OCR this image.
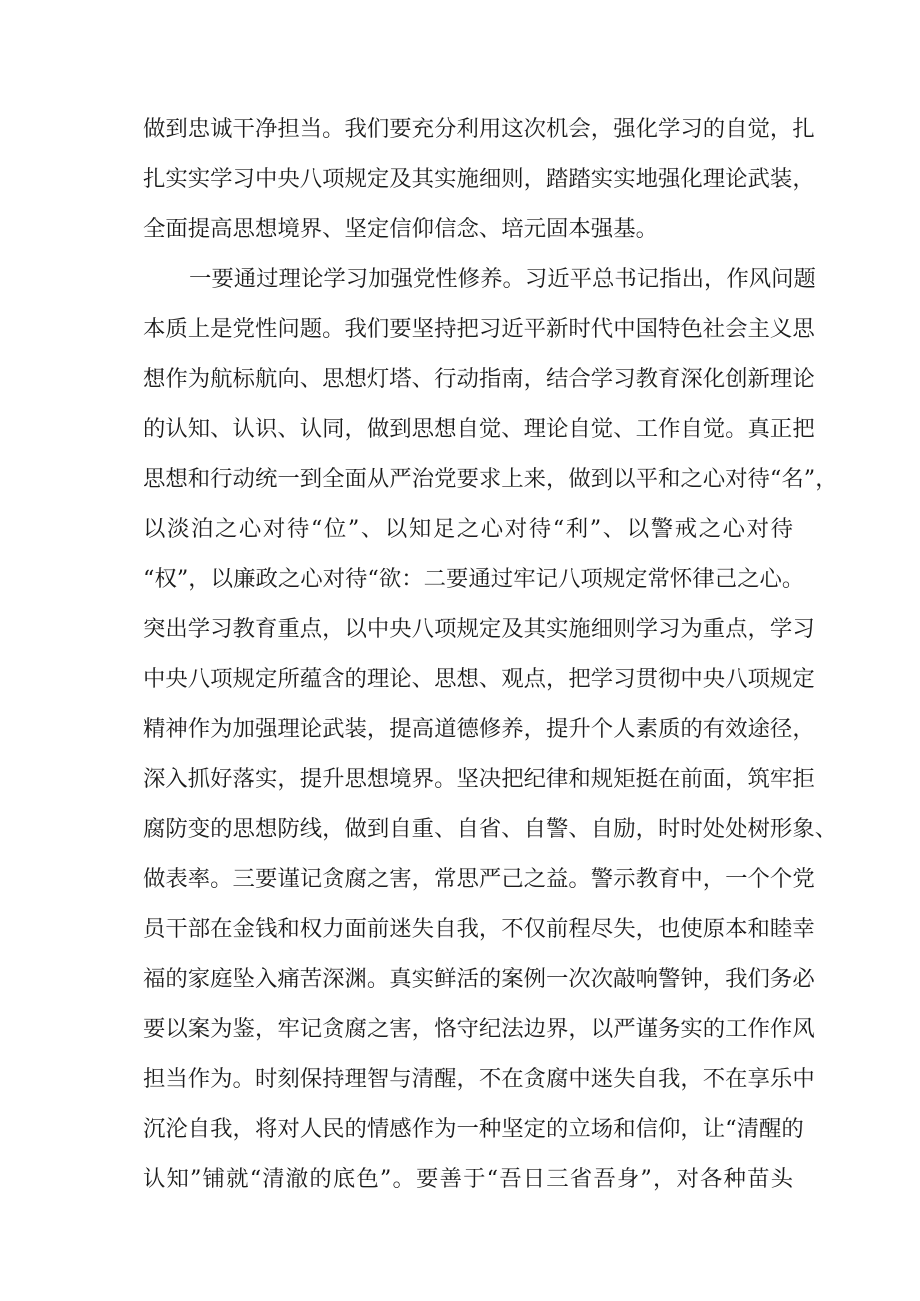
做到忠诚干净担当。我们要充分利用这次机会，强化学习的自觉，扎
扎实实学习中央八项规定及其实施细则，踏踏实实地强化理论武装，
全面提高思想境界、坚定信仰信念、培元固本强基。
一要通过理论学习加强党性修养。习近平总书记指出，作风问题
本质上是党性问题。我们要坚持把习近平新时代中国特色社会主义思
想作为航标航向、思想灯塔、行动指南，结合学习教育深化创新理论
的认知、认识、认同，做到思想自觉、理论自觉、工作自觉。真正把
思想和行动统一到全面从严治党要求上来，做到以平和之心对待“名”，
以淡泊之心对待“位”、以知足之心对待“利”、以警戒之心对待
“权”，以廉政之心对待“欲：二要通过牢记八项规定常怀律己之心。
突出学习教育重点，以中央八项规定及其实施细则学习为重点，学习
中央八项规定所蕴含的理论、思想、观点，把学习贯彻中央八项规定
精神作为加强理论武装，提高道德修养，提升个人素质的有效途径，
深入抓好落实，提升思想境界。坚决把纪律和规矩挺在前面，筑牢拒
腐防变的思想防线，做到自重、自省、自警、自励，时时处处树形象、
做表率。三要谨记贪腐之害，常思严己之益。警示教育中，一个个党
员干部在金钱和权力面前迷失自我，不仅前程尽失，也使原本和睦幸
福的家庭坠入痛苦深渊。真实鲜活的案例一次次敲响警钟，我们务必
要以案为鉴，牢记贪腐之害，恪守纪法边界，以严谨务实的工作作风
担当作为。时刻保持理智与清醒，不在贪腐中迷失自我，不在享乐中
沉沦自我，将对人民的情感作为一种坚定的立场和信仰，让“清醒的
认知”铺就“清澈的底色”。要善于“吾日三省吾身”，对各种苗头
